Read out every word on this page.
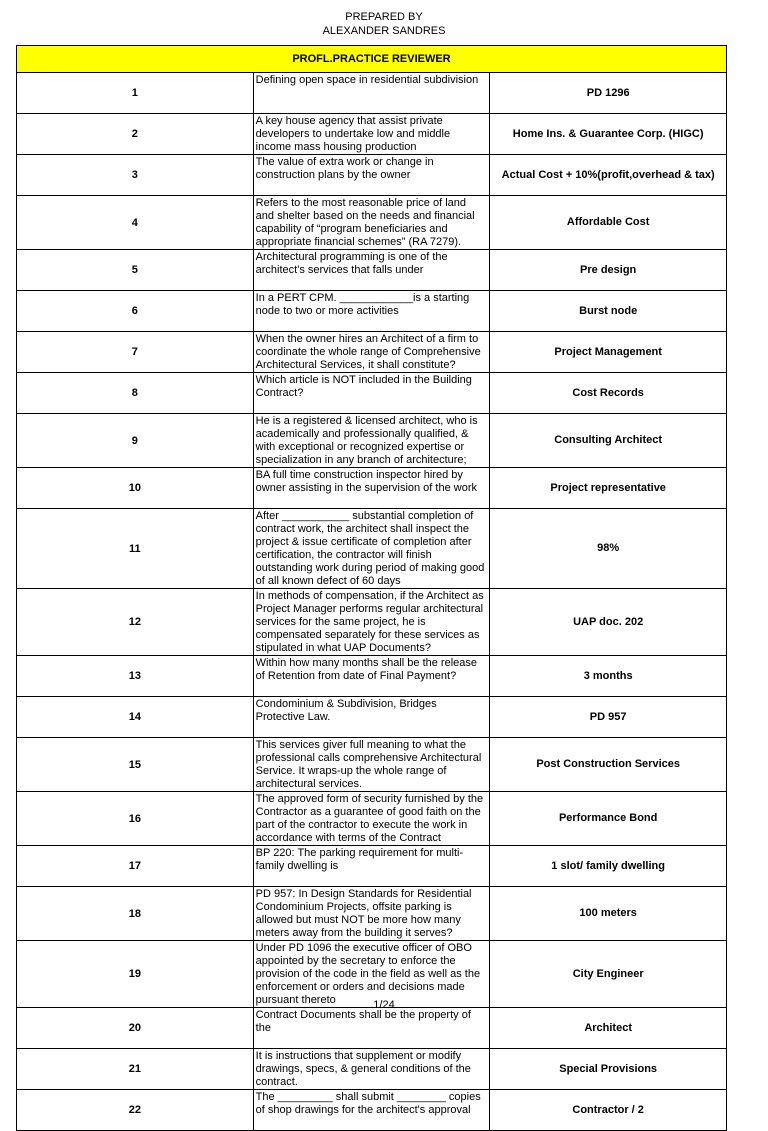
PREPARED BY
ALEXANDER SANDRES
PROFL.PRACTICE REVIEWER		
1	Defining open space in residential subdivision	PD 1296
2	A key house agency that assist private developers to undertake low and middle income mass housing production	Home Ins. & Guarantee Corp. (HIGC)
3	The value of extra work or change in construction plans by the owner	Actual Cost + 10%(profit,overhead & tax)
4	Refers to the most reasonable price of land and shelter based on the needs and financial capability of “program beneficiaries and appropriate financial schemes” (RA 7279).	Affordable Cost
5	Architectural programming is one of the architect's services that falls under	Pre design
6	In a PERT CPM. ____________is a starting node to two or more activities	Burst node
7	When the owner hires an Architect of a firm to coordinate the whole range of Comprehensive Architectural Services, it shall constitute?	Project Management
8	Which article is NOT included in the Building Contract?	Cost Records
9	He is a registered & licensed architect, who is academically and professionally qualified, & with exceptional or recognized expertise or specialization in any branch of architecture;	Consulting Architect
10	BA full time construction inspector hired by owner assisting in the supervision of the work	Project representative
11	After ___________ substantial completion of contract work, the architect shall inspect the project & issue certificate of completion after certification, the contractor will finish outstanding work during period of making good of all known defect of 60 days	98%
12	In methods of compensation, if the Architect as Project Manager performs regular architectural services for the same project, he is compensated separately for these services as stipulated in what UAP Documents?	UAP doc. 202
13	Within how many months shall be the release of Retention from date of Final Payment?	3 months
14	Condominium & Subdivision, Bridges Protective Law.	PD 957
15	This services giver full meaning to what the professional calls comprehensive Architectural Service. It wraps-up the whole range of architectural services.	Post Construction Services
16	The approved form of security furnished by the Contractor as a guarantee of good faith on the part of the contractor to execute the work in accordance with terms of the Contract	Performance Bond
17	BP 220: The parking requirement for multi-family dwelling is	1 slot/ family dwelling
18	PD 957: In Design Standards for Residential Condominium Projects, offsite parking is allowed but must NOT be more how many meters away from the building it serves?	100 meters
19	Under PD 1096 the executive officer of OBO appointed by the secretary to enforce the provision of the code in the field as well as the enforcement or orders and decisions made pursuant thereto	City Engineer
20	Contract Documents shall be the property of the	Architect
21	It is instructions that supplement or modify drawings, specs, & general conditions of the contract.	Special Provisions
22	The _________ shall submit ________ copies of shop drawings for the architect's approval	Contractor / 2
1/24
